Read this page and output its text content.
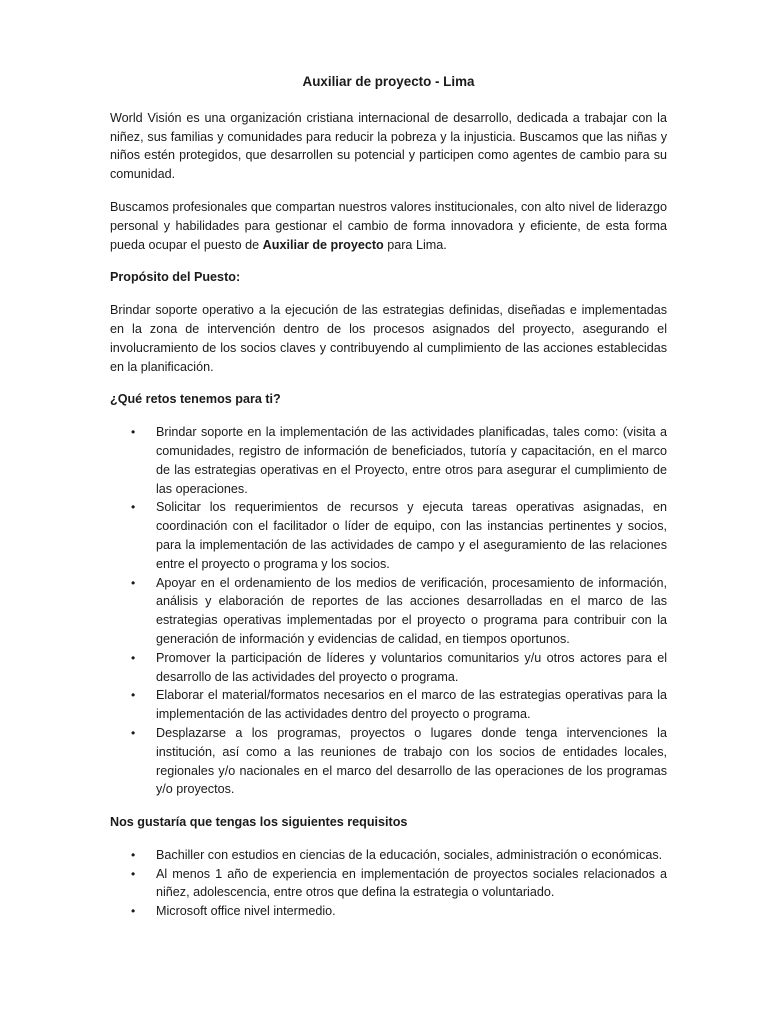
Auxiliar de proyecto - Lima

World Visión es una organización cristiana internacional de desarrollo, dedicada a trabajar con la niñez, sus familias y comunidades para reducir la pobreza y la injusticia. Buscamos que las niñas y niños estén protegidos, que desarrollen su potencial y participen como agentes de cambio para su comunidad.

Buscamos profesionales que compartan nuestros valores institucionales, con alto nivel de liderazgo personal y habilidades para gestionar el cambio de forma innovadora y eficiente, de esta forma pueda ocupar el puesto de Auxiliar de proyecto para Lima.

Propósito del Puesto:

Brindar soporte operativo a la ejecución de las estrategias definidas, diseñadas e implementadas en la zona de intervención dentro de los procesos asignados del proyecto, asegurando el involucramiento de los socios claves y contribuyendo al cumplimiento de las acciones establecidas en la planificación.

¿Qué retos tenemos para ti?
• Brindar soporte en la implementación de las actividades planificadas, tales como: (visita a comunidades, registro de información de beneficiados, tutoría y capacitación, en el marco de las estrategias operativas en el Proyecto, entre otros para asegurar el cumplimiento de las operaciones.
• Solicitar los requerimientos de recursos y ejecuta tareas operativas asignadas, en coordinación con el facilitador o líder de equipo, con las instancias pertinentes y socios, para la implementación de las actividades de campo y el aseguramiento de las relaciones entre el proyecto o programa y los socios.
• Apoyar en el ordenamiento de los medios de verificación, procesamiento de información, análisis y elaboración de reportes de las acciones desarrolladas en el marco de las estrategias operativas implementadas por el proyecto o programa para contribuir con la generación de información y evidencias de calidad, en tiempos oportunos.
• Promover la participación de líderes y voluntarios comunitarios y/u otros actores para el desarrollo de las actividades del proyecto o programa.
• Elaborar el material/formatos necesarios en el marco de las estrategias operativas para la implementación de las actividades dentro del proyecto o programa.
• Desplazarse a los programas, proyectos o lugares donde tenga intervenciones la institución, así como a las reuniones de trabajo con los socios de entidades locales, regionales y/o nacionales en el marco del desarrollo de las operaciones de los programas y/o proyectos.
Nos gustaría que tengas los siguientes requisitos
• Bachiller con estudios en ciencias de la educación, sociales, administración o económicas.
• Al menos 1 año de experiencia en implementación de proyectos sociales relacionados a niñez, adolescencia, entre otros que defina la estrategia o voluntariado.
• Microsoft office nivel intermedio.
